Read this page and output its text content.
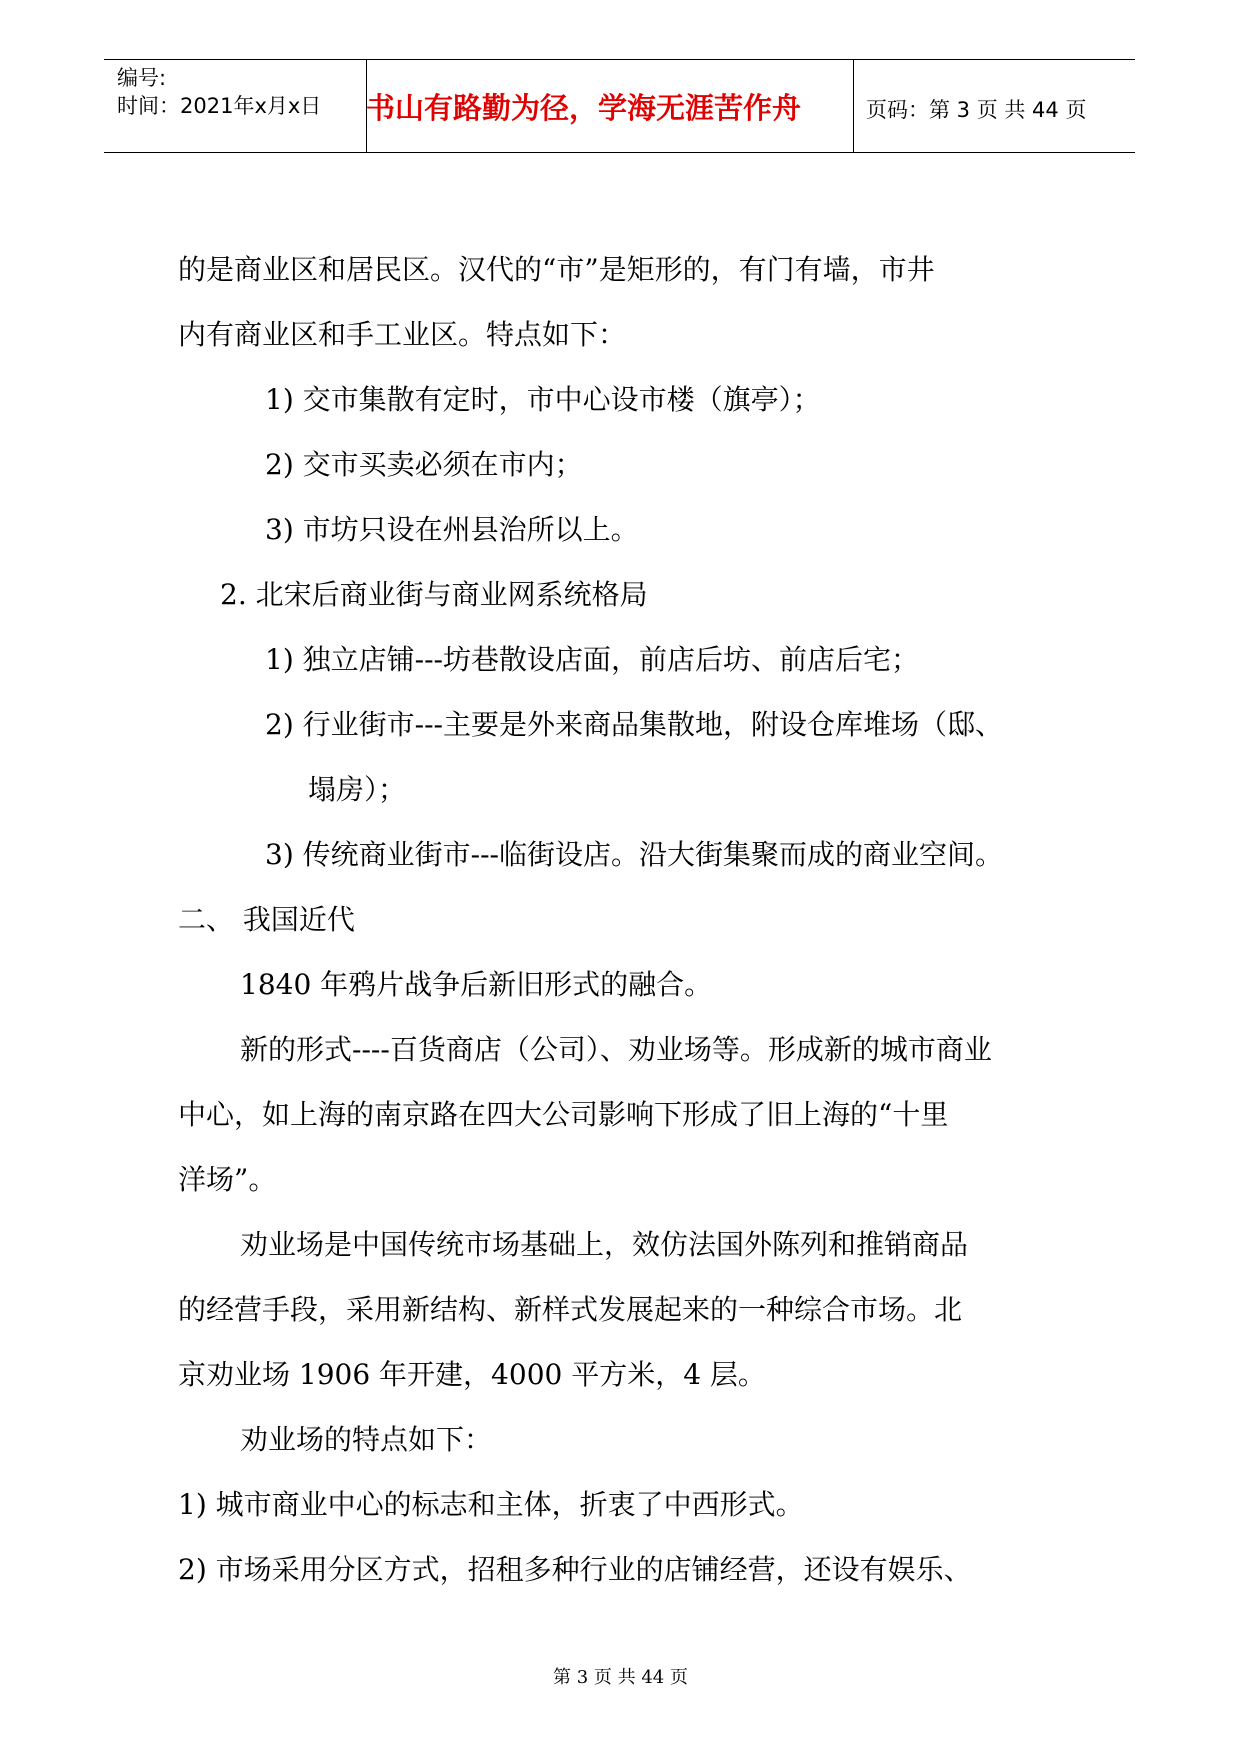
编号:
时间：2021年x月x日 书山有路勤为径，学海无涯苦作舟	页码：第 3 页 共 44 页
的是商业区和居民区。汉代的“市”是矩形的，有门有墙，市井
内有商业区和手工业区。特点如下：
1) 交市集散有定时，市中心设市楼（旗亭）；
2) 交市买卖必须在市内；
3) 市坊只设在州县治所以上。
2. 北宋后商业街与商业网系统格局
1) 独立店铺---坊巷散设店面，前店后坊、前店后宅；
2) 行业街市---主要是外来商品集散地，附设仓库堆场（邸、
塌房）；
3) 传统商业街市---临街设店。沿大街集聚而成的商业空间。
二、 我国近代
1840 年鸦片战争后新旧形式的融合。
新的形式----百货商店（公司）、劝业场等。形成新的城市商业
中心，如上海的南京路在四大公司影响下形成了旧上海的“十里
洋场”。
劝业场是中国传统市场基础上，效仿法国外陈列和推销商品
的经营手段，采用新结构、新样式发展起来的一种综合市场。北
京劝业场 1906 年开建，4000 平方米，4 层。
劝业场的特点如下：
1) 城市商业中心的标志和主体，折衷了中西形式。
2) 市场采用分区方式，招租多种行业的店铺经营，还设有娱乐、
第 3 页 共 44 页
